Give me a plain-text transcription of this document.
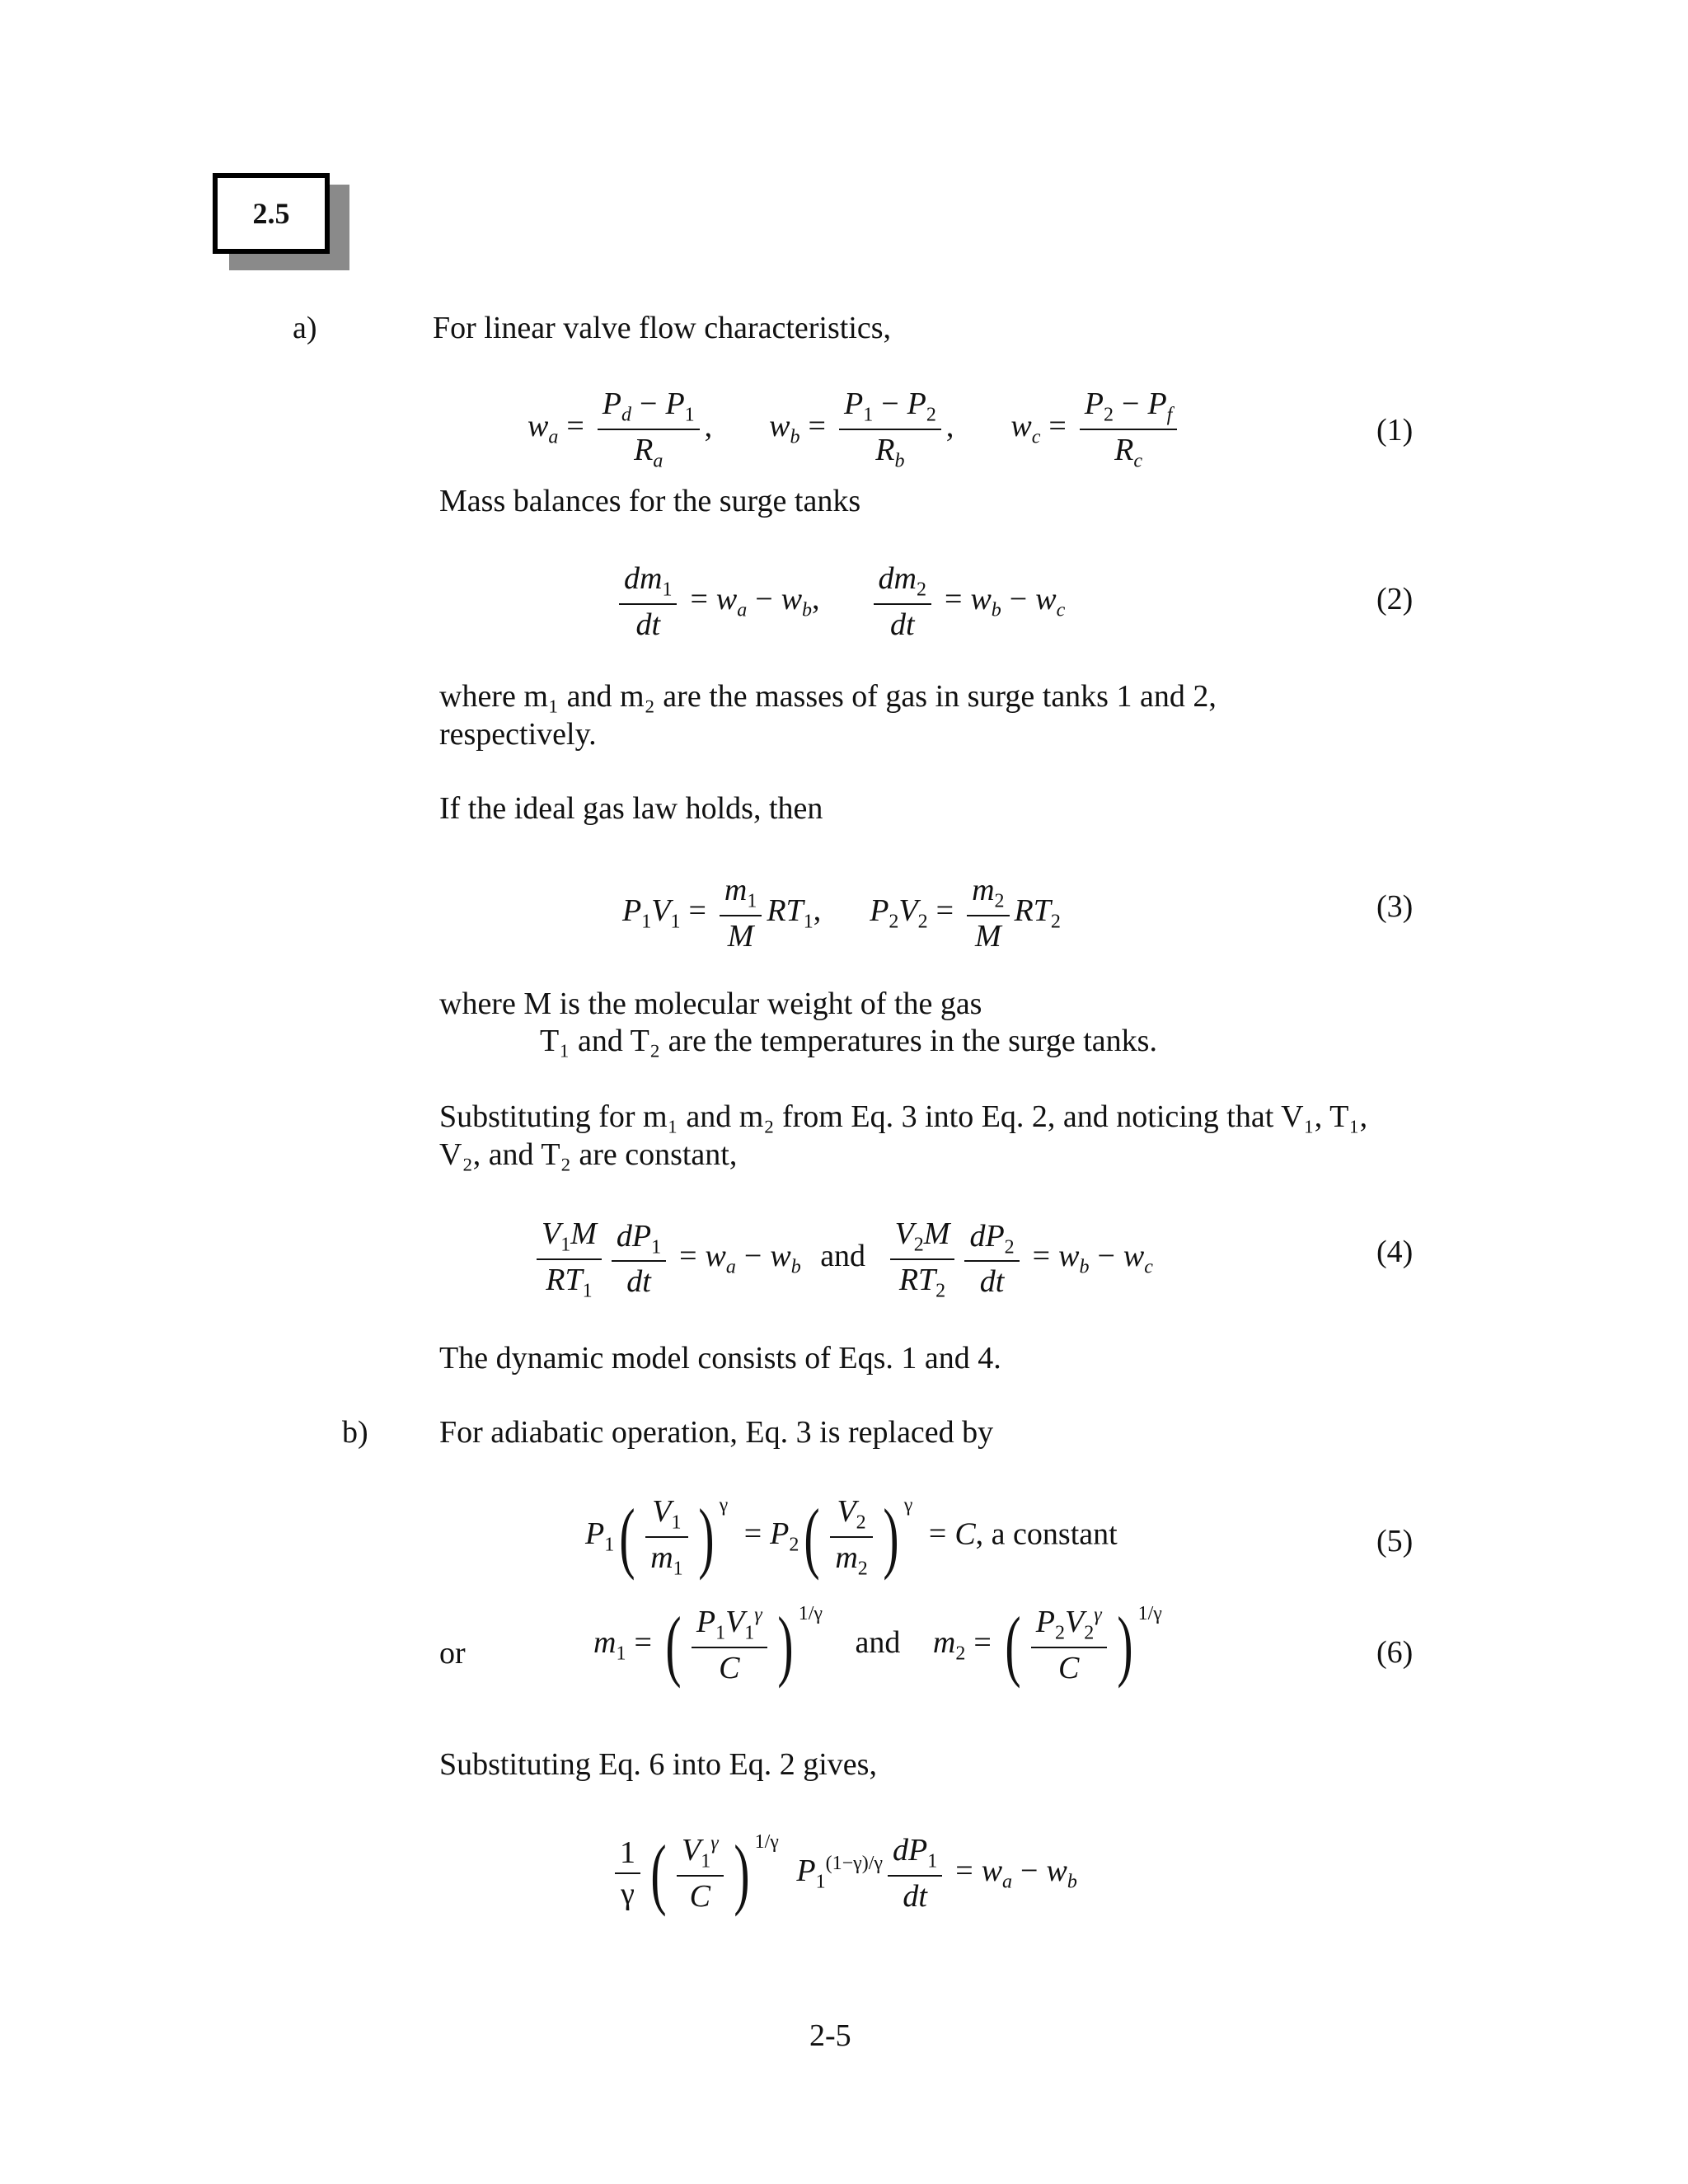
2.5
a)	For linear valve flow characteristics,
$w_a = \frac{P_d - P_1}{R_a}$ ,  $w_b = \frac{P_1 - P_2}{R_b}$ ,  $w_c = \frac{P_2 - P_f}{R_c}$	(1)
Mass balances for the surge tanks
$\frac{dm_1}{dt} = w_a - w_b$, $\frac{dm_2}{dt} = w_b - w_c$	(2)
where m₁ and m₂ are the masses of gas in surge tanks 1 and 2, respectively.
If the ideal gas law holds, then
$P_1V_1 = \frac{m_1}{M} RT_1$,  $P_2V_2 = \frac{m_2}{M} RT_2$	(3)
where M is the molecular weight of the gas
T₁ and T₂ are the temperatures in the surge tanks.
Substituting for m₁ and m₂ from Eq. 3 into Eq. 2, and noticing that V₁, T₁, V₂, and T₂ are constant,
$\frac{V_1M}{RT_1} \frac{dP_1}{dt} = w_a - w_b$ and $\frac{V_2M}{RT_2} \frac{dP_2}{dt} = w_b - w_c$	(4)
The dynamic model consists of Eqs. 1 and 4.
b) For adiabatic operation, Eq. 3 is replaced by
$P_1( \frac{V_1}{m_1}$ ) $^\gamma = P_2( \frac{V_2}{m_2}$ ) $^\gamma$ = C, a constant	(5)
or	$m_1$ = ( $\frac{P_1V_1^\gamma}{C}$ ) $^{1/\gamma}$ and $m_2$ = ( $\frac{P_2V_2^\gamma}{C}$ ) $^{1/\gamma}$
(6)
Substituting Eq. 6 into Eq. 2 gives,
$\frac{1}{\gamma}$ ( $\frac{V_1^\gamma}{C}$ ) $^{1/\gamma}$ $P_1^{(1-\gamma)/\gamma} \frac{dP_1}{dt} = w_a - w_b$
2-5
